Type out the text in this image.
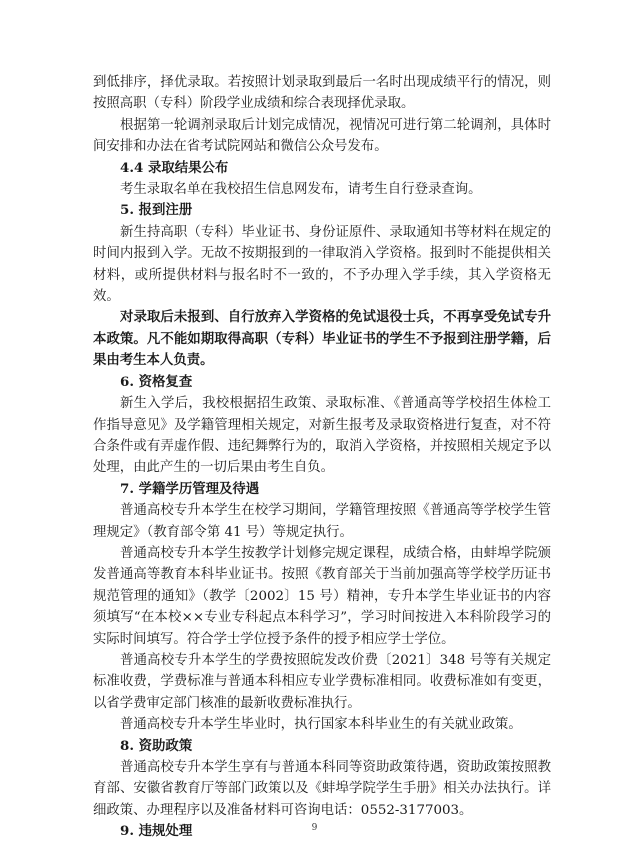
到低排序，择优录取。若按照计划录取到最后一名时出现成绩平行的情况，则按照高职（专科）阶段学业成绩和综合表现择优录取。

根据第一轮调剂录取后计划完成情况，视情况可进行第二轮调剂，具体时间安排和办法在省考试院网站和微信公众号发布。

4.4 录取结果公布

考生录取名单在我校招生信息网发布，请考生自行登录查询。

5. 报到注册

新生持高职（专科）毕业证书、身份证原件、录取通知书等材料在规定的时间内报到入学。无故不按期报到的一律取消入学资格。报到时不能提供相关材料，或所提供材料与报名时不一致的，不予办理入学手续，其入学资格无效。

对录取后未报到、自行放弃入学资格的免试退役士兵，不再享受免试专升本政策。凡不能如期取得高职（专科）毕业证书的学生不予报到注册学籍，后果由考生本人负责。

6. 资格复查

新生入学后，我校根据招生政策、录取标准、《普通高等学校招生体检工作指导意见》及学籍管理相关规定，对新生报考及录取资格进行复查，对不符合条件或有弄虚作假、违纪舞弊行为的，取消入学资格，并按照相关规定予以处理，由此产生的一切后果由考生自负。

7. 学籍学历管理及待遇

普通高校专升本学生在校学习期间，学籍管理按照《普通高等学校学生管理规定》（教育部令第 41 号）等规定执行。

普通高校专升本学生按教学计划修完规定课程，成绩合格，由蚌埠学院颁发普通高等教育本科毕业证书。按照《教育部关于当前加强高等学校学历证书规范管理的通知》（教学〔2002〕15 号）精神，专升本学生毕业证书的内容须填写“在本校××专业专科起点本科学习”，学习时间按进入本科阶段学习的实际时间填写。符合学士学位授予条件的授予相应学士学位。

普通高校专升本学生的学费按照皖发改价费〔2021〕348 号等有关规定标准收费，学费标准与普通本科相应专业学费标准相同。收费标准如有变更，以省学费审定部门核准的最新收费标准执行。

普通高校专升本学生毕业时，执行国家本科毕业生的有关就业政策。

8. 资助政策

普通高校专升本学生享有与普通本科同等资助政策待遇，资助政策按照教育部、安徽省教育厅等部门政策以及《蚌埠学院学生手册》相关办法执行。详细政策、办理程序以及准备材料可咨询电话：0552-3177003。

9. 违规处理	9
